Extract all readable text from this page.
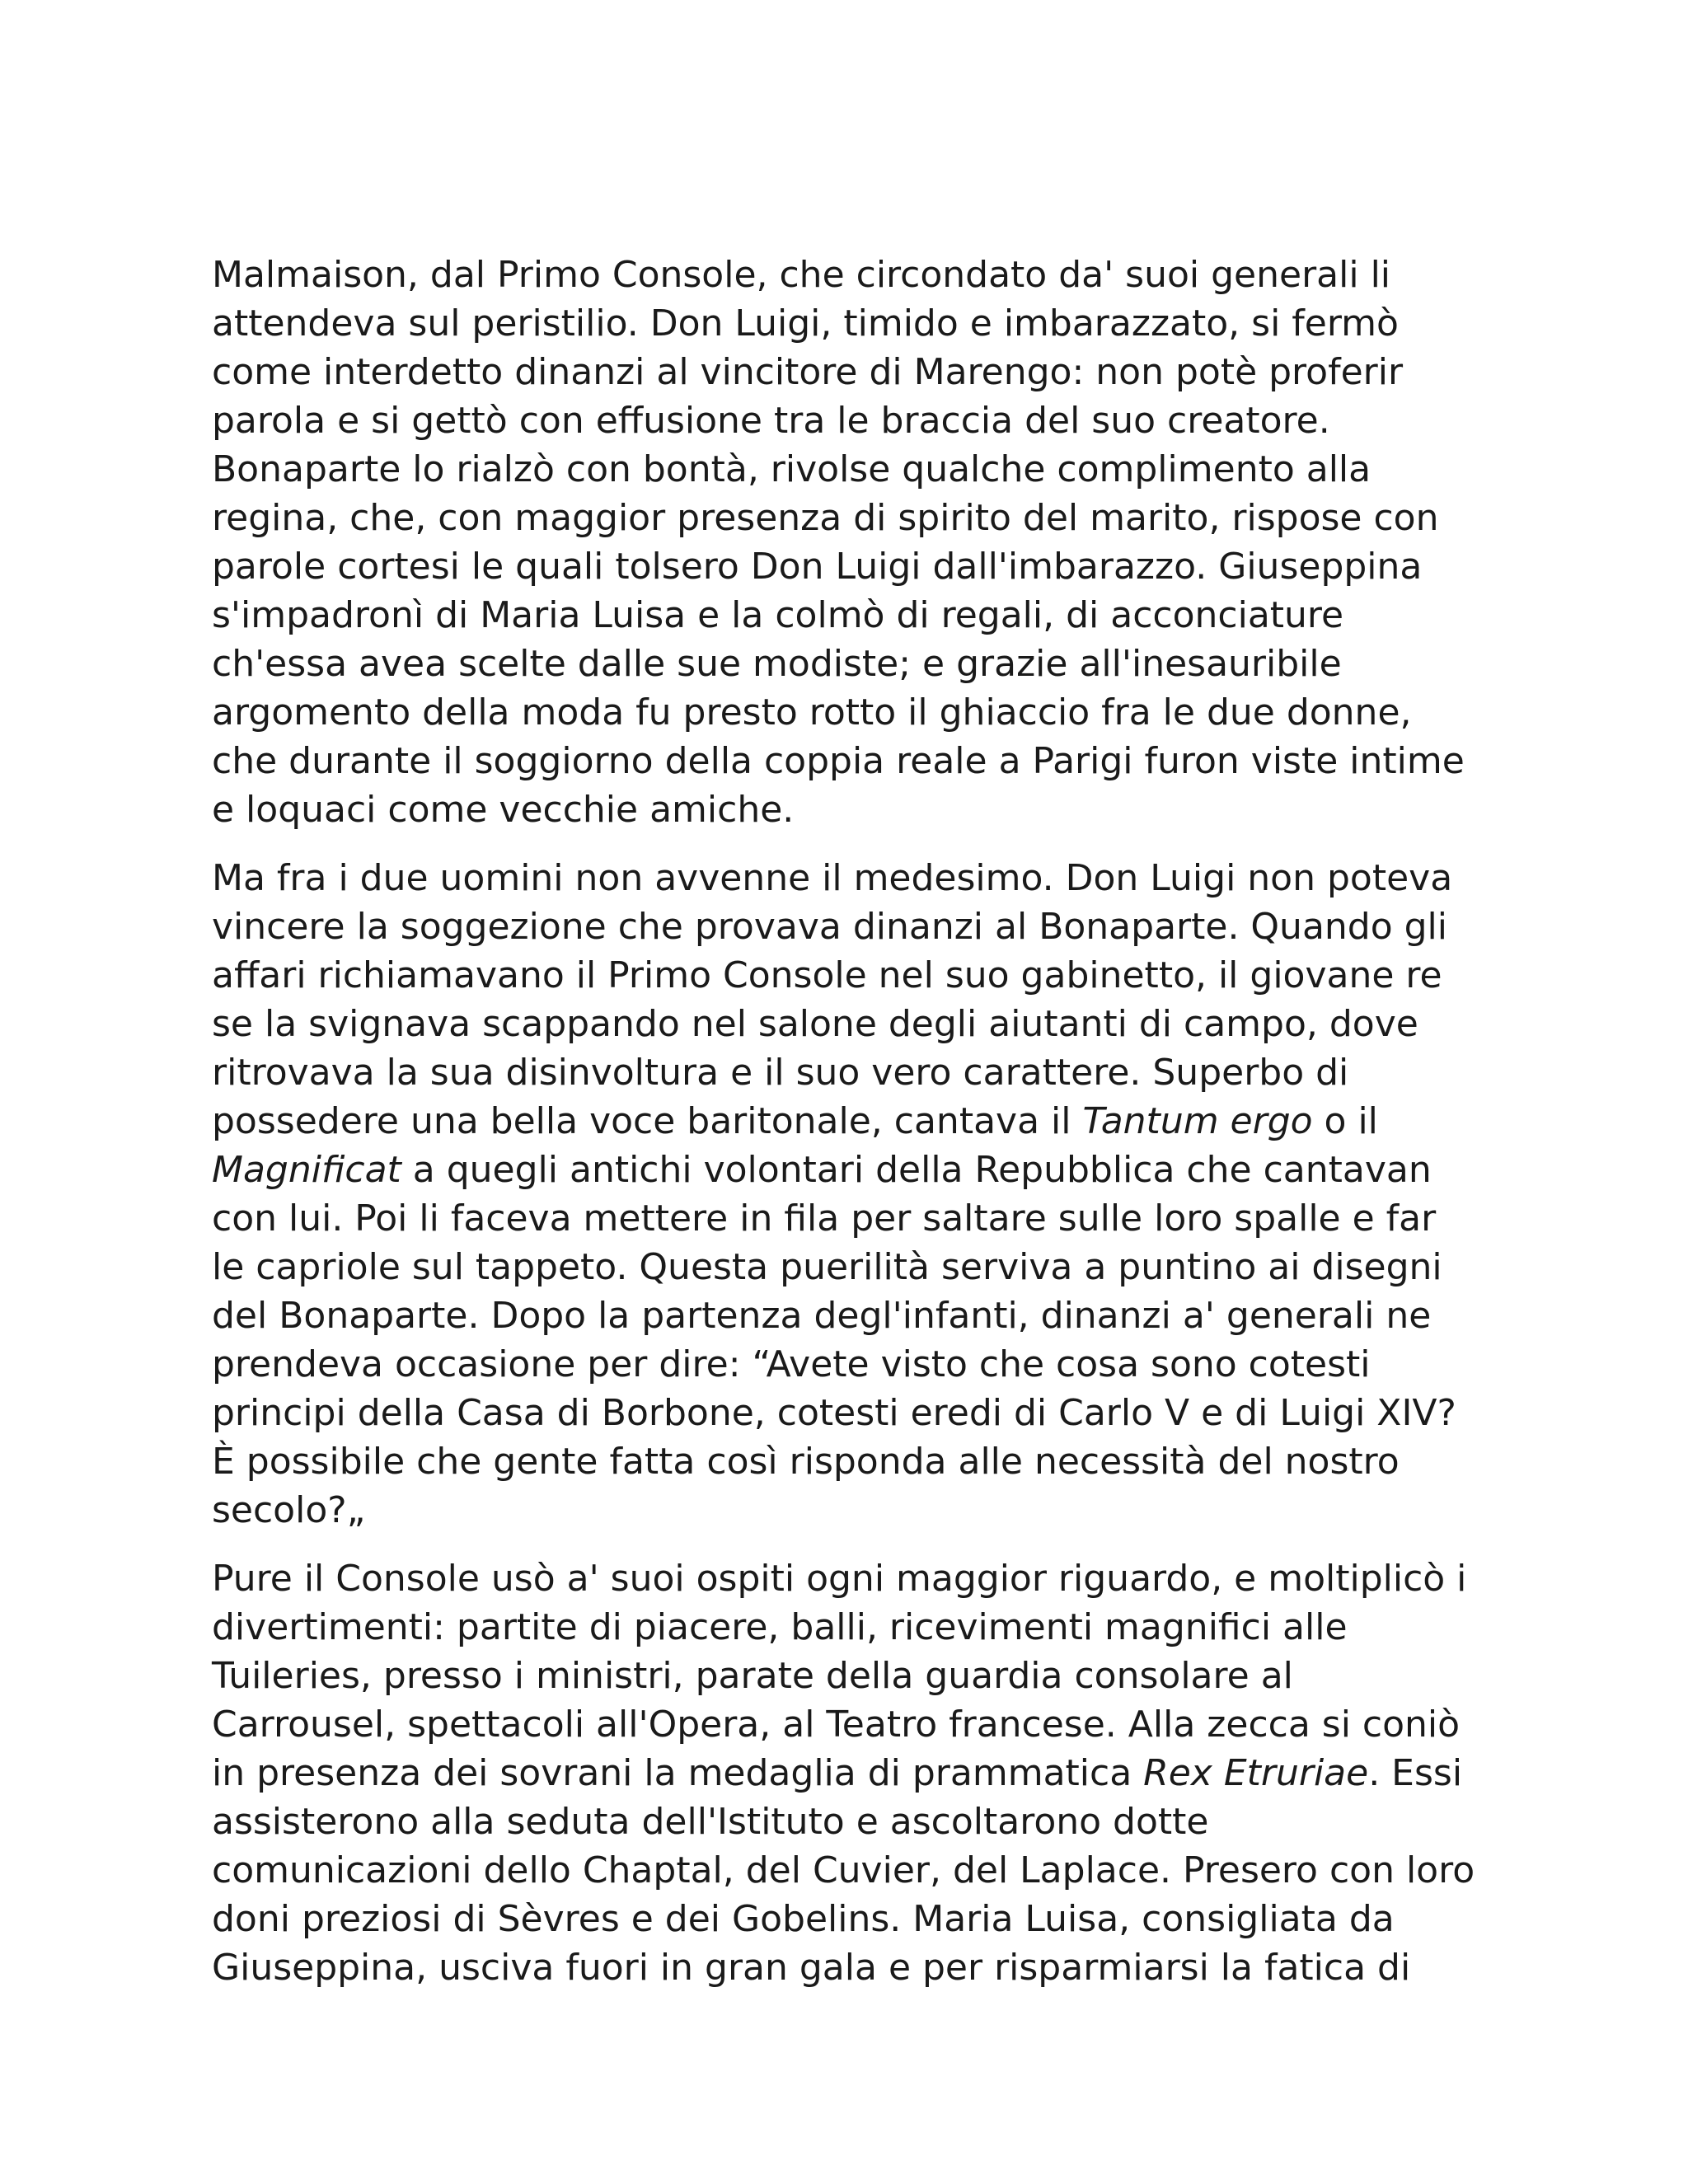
Malmaison, dal Primo Console, che circondato da' suoi generali li
attendeva sul peristilio. Don Luigi, timido e imbarazzato, si fermò
come interdetto dinanzi al vincitore di Marengo: non potè proferir
parola e si gettò con effusione tra le braccia del suo creatore.
Bonaparte lo rialzò con bontà, rivolse qualche complimento alla
regina, che, con maggior presenza di spirito del marito, rispose con
parole cortesi le quali tolsero Don Luigi dall'imbarazzo. Giuseppina
s'impadronì di Maria Luisa e la colmò di regali, di acconciature
ch'essa avea scelte dalle sue modiste; e grazie all'inesauribile
argomento della moda fu presto rotto il ghiaccio fra le due donne,
che durante il soggiorno della coppia reale a Parigi furon viste intime
e loquaci come vecchie amiche.

Ma fra i due uomini non avvenne il medesimo. Don Luigi non poteva
vincere la soggezione che provava dinanzi al Bonaparte. Quando gli
affari richiamavano il Primo Console nel suo gabinetto, il giovane re
se la svignava scappando nel salone degli aiutanti di campo, dove
ritrovava la sua disinvoltura e il suo vero carattere. Superbo di
possedere una bella voce baritonale, cantava il Tantum ergo o il
Magnificat a quegli antichi volontari della Repubblica che cantavan
con lui. Poi li faceva mettere in fila per saltare sulle loro spalle e far
le capriole sul tappeto. Questa puerilità serviva a puntino ai disegni
del Bonaparte. Dopo la partenza degl'infanti, dinanzi a' generali ne
prendeva occasione per dire: “Avete visto che cosa sono cotesti
principi della Casa di Borbone, cotesti eredi di Carlo V e di Luigi XIV?
È possibile che gente fatta così risponda alle necessità del nostro
secolo?„

Pure il Console usò a' suoi ospiti ogni maggior riguardo, e moltiplicò i
divertimenti: partite di piacere, balli, ricevimenti magnifici alle
Tuileries, presso i ministri, parate della guardia consolare al
Carrousel, spettacoli all'Opera, al Teatro francese. Alla zecca si coniò
in presenza dei sovrani la medaglia di prammatica Rex Etruriae. Essi
assisterono alla seduta dell'Istituto e ascoltarono dotte
comunicazioni dello Chaptal, del Cuvier, del Laplace. Presero con loro
doni preziosi di Sèvres e dei Gobelins. Maria Luisa, consigliata da
Giuseppina, usciva fuori in gran gala e per risparmiarsi la fatica di
